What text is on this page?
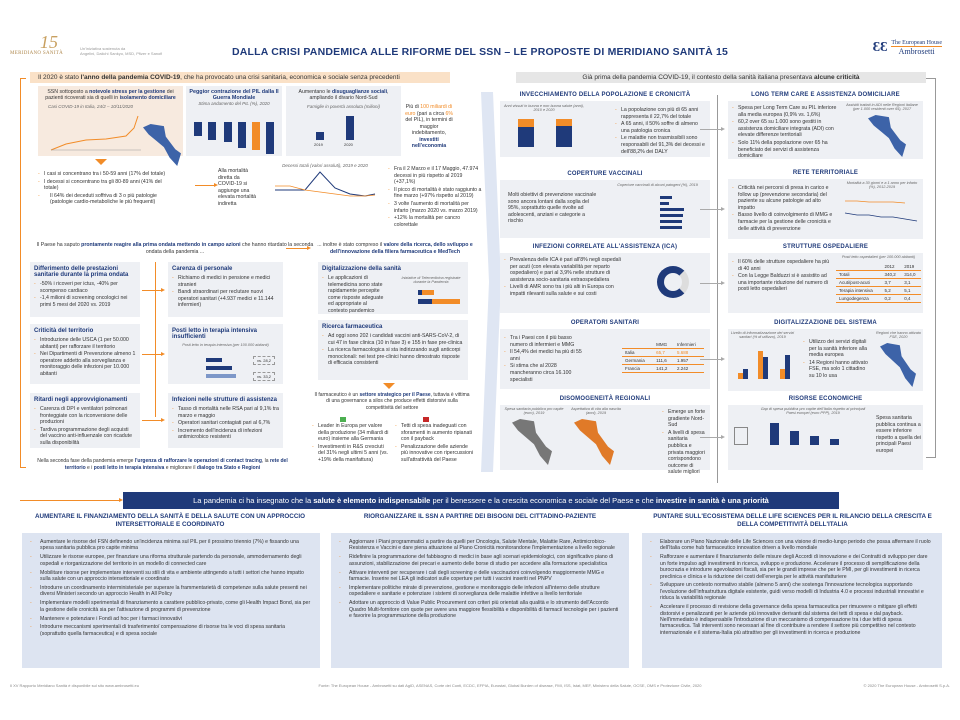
15
MERIDIANO SANITÀ
Un'iniziativa sostenuta da
Angelini, Daiichi Sankyo, MSD, Pfizer e Sanofi	DALLA CRISI PANDEMICA ALLE RIFORME DEL SSN – LE PROPOSTE DI MERIDIANO SANITÀ 15	ƐƐ The European House
Ambrosetti
Il 2020 è stato l'anno della pandemia COVID-19, che ha provocato una crisi sanitaria, economica e sociale senza precedenti	Già prima della pandemia COVID-19, il contesto della sanità italiana presentava alcune criticità
SSN sottoposto a notevole stress per la gestione dei pazienti ricoverati sia di quelli in isolamento domiciliare
Casi COVID-19 in Italia, 24/2 – 10/11/2020
Peggior contrazione del PIL dalla II Guerra Mondiale
Stima andamento del PIL (%), 2020
Aumentano le disuguaglianze sociali, ampliando il divario Nord-Sud
Famiglie in povertà assoluta (milioni)
2019	2020
Più di 100 miliardi di euro (pari a circa 6% del PIL), in termini di maggior indebitamento, investiti nell'economia
- I casi si concentrano tra i 50-59 anni (17% del totale)
- I decessi si concentrano tra gli 80-89 anni (41% del totale)
- Il 64% dei deceduti soffriva di 3 o più patologie (patologie cardio-metaboliche le più frequenti)
Alla mortalità diretta da COVID-19 si aggiunge una elevata mortalità indiretta
Decessi totali (valori assoluti), 2019 e 2020
- Fra il 2 Marzo e il 17 Maggio, 47.974 decessi in più rispetto al 2019 (+37,1%)
- Il picco di mortalità è stato raggiunto a fine marzo (+97% rispetto al 2019)
- 3 volte l'aumento di mortalità per infarto (marzo 2020 vs. marzo 2019)
- +12% la mortalità per cancro colorettale
Il Paese ha saputo prontamente reagire alla prima ondata mettendo in campo azioni che hanno ritardato la seconda ondata della pandemia ...
... inoltre è stato compreso il valore della ricerca, dello sviluppo e dell'innovazione della filiera farmaceutica e MedTech
Differimento delle prestazioni sanitarie durante la prima ondata
- -50% i ricoveri per ictus, -40% per scompenso cardiaco
- -1,4 milioni di screening oncologici nei primi 5 mesi del 2020 vs. 2019
Criticità del territorio
- Introduzione delle USCA (1 per 50.000 abitanti) per rafforzare il territorio
- Nei Dipartimenti di Prevenzione almeno 1 operatore addetto alla sorveglianza e monitoraggio delle infezioni per 10.000 abitanti
Ritardi negli approvvigionamenti
- Carenza di DPI e ventilatori polmonari fronteggiate con la riconversione delle produzioni
- Tardiva programmazione degli acquisti del vaccino anti-influenzale con ricadute sulla disponibilità
Carenza di personale
- Richiamo di medici in pensione e medici stranieri
- Bandi straordinari per reclutare nuovi operatori sanitari (+4.937 medici e 11.144 infermieri)
Posti letto in terapia intensiva insufficienti
Posti letto in terapia intensiva (per 100.000 abitanti)
vs. 28,2
vs. 33,2
Infezioni nelle strutture di assistenza
- Tasso di mortalità nelle RSA pari al 9,1% tra marzo e maggio
- Operatori sanitari contagiati pari al 6,7%
- Incremento dell'incidenza di infezioni antimicrobico resistenti
Digitalizzazione della sanità
- Le applicazioni di telemedicina sono state rapidamente percepite come risposte adeguate ed appropriate al contesto pandemico
Iniziative di Telemedicina registrate durante la Pandemia
Ricerca farmaceutica
- Ad oggi sono 202 i candidati vaccini anti-SARS-CoV-2, di cui 47 in fase clinica (10 in fase 3) e 155 in fase pre-clinica
- La ricerca farmacologica si sta indirizzando sugli anticorpi monoclonali: nei test pre-clinici hanno dimostrato risposte di efficacia consistenti
Il farmaceutico è un settore strategico per il Paese, tuttavia è vittima di una governance a silos che produce effetti distorsivi sulla competitività del settore
- Leader in Europa per valore della produzione (34 miliardi di euro) insieme alla Germania
- Investimenti in R&S cresciuti del 31% negli ultimi 5 anni (vs. +19% della manifattura)
- Tetti di spesa inadeguati con sforamenti in aumento ripianati con il payback
- Penalizzazione delle aziende più innovative con ripercussioni sull'attrattività del Paese
Nella seconda fase della pandemia emerge l'urgenza di rafforzare le operazioni di contact tracing, la rete del territorio e i posti letto in terapia intensiva e migliorare il dialogo tra Stato e Regioni
INVECCHIAMENTO DELLA POPOLAZIONE E CRONICITÀ
Anni vissuti in buona e non buona salute (anni), 2010 e 2020	- La popolazione con più di 65 anni rappresenta il 22,7% del totale
- A 65 anni, il 50% soffre di almeno una patologia cronica
- Le malattie non trasmissibili sono responsabili del 91,3% dei decessi e dell'88,2% dei DALY
COPERTURE VACCINALI
Molti obiettivi di prevenzione vaccinale sono ancora lontani dalla soglia del 95%, soprattutto quelle rivolte ad adolescenti, anziani e categorie a rischio
Coperture vaccinali di alcuni patogeni (%), 2019
INFEZIONI CORRELATE ALL'ASSISTENZA (ICA)
- Prevalenza delle ICA è pari all'8% negli ospedali per acuti (con elevata variabilità per reparto ospedaliero) e pari al 3,9% nelle strutture di assistenza socio-sanitaria extraospedaliera
- Livelli di AMR sono tra i più alti in Europa con impatti rilevanti sulla salute e sui costi
OPERATORI SANITARI
- Tra i Paesi con il più basso numero di infermieri e MMG
- Il 54,4% dei medici ha più di 55 anni
- Si stima che al 2028 mancheranno circa 16.100 specialisti
	MMG	Infermieri
Italia	65,7	5.688
Germania	111,6	1.957
Francia	141,2	2.242
DISOMOGENEITÀ REGIONALI
Spesa sanitaria pubblica pro capite (euro), 2019
Aspettativa di vita alla nascita (anni), 2019	- Emerge un forte gradiente Nord-Sud
- A livelli di spesa sanitaria pubblica e privata maggiori corrispondono outcome di salute migliori
LONG TERM CARE E ASSISTENZA DOMICILIARE
- Spesa per Long Term Care su PIL inferiore alla media europea (0,9% vs. 1,6%)
- 60,2 over 65 su 1.000 sono gestiti in assistenza domiciliare integrata (ADI) con elevate differenze territoriali
- Solo 11% della popolazione over 65 ha beneficiato dei servizi di assistenza domiciliare
Assistiti trattati in ADI nelle Regioni italiane (per 1.000 residenti over 65), 2017
RETE TERRITORIALE
- Criticità nei percorsi di presa in carico e follow up (prevenzione secondaria) del paziente su alcune patologie ad alto impatto
- Basso livello di coinvolgimento di MMG e farmacie per la gestione delle cronicità e delle attività di prevenzione
Mortalità a 30 giorni e a 1 anno per infarto (%), 2012-2019
STRUTTURE OSPEDALIERE
- Il 60% delle strutture ospedaliere ha più di 40 anni
- Con la Legge Balduzzi si è assistito ad una importante riduzione del numero di posti letto ospedalieri
Posti letto ospedalieri (per 100.000 abitanti)
	2012	2019
Totali	340,2	314,0
Acuti/post-acuti	3,7	3,1
Terapia intensiva	5,2	5,1
Lungodegenza	0,2	0,4
DIGITALIZZAZIONE DEL SISTEMA
Livello di informatizzazione dei servizi sanitari (% di utilizzo), 2019
- Utilizzo dei servizi digitali per la sanità inferiore alla media europea
- 14 Regioni hanno attivato FSE, ma solo 1 cittadino su 10 lo usa
Regioni che hanno attivato FSE, 2020
RISORSE ECONOMICHE
Gap di spesa pubblica pro capite dell'Italia rispetto ai principali Paesi europei (euro PPP), 2019
Spesa sanitaria pubblica continua a essere inferiore rispetto a quella dei principali Paesi europei
La pandemia ci ha insegnato che la salute è elemento indispensabile per il benessere e la crescita economica e sociale del Paese e che investire in sanità è una priorità
AUMENTARE IL FINANZIAMENTO DELLA SANITÀ E DELLA SALUTE CON UN APPROCCIO INTERSETTORIALE E COORDINATO
- Aumentare le risorse del FSN definendo un'incidenza minima sul PIL per il prossimo triennio (7%) e fissando una spesa sanitaria pubblica pro capite minima
- Utilizzare le risorse europee, per finanziare una riforma strutturale partendo da personale, ammodernamento degli ospedali e riorganizzazione del territorio in un modello di connected care
- Mobilitare risorse per implementare interventi su stili di vita e ambiente attingendo a tutti i settori che hanno impatto sulla salute con un approccio intersettoriale e coordinato
- Introdurre un coordinamento interministeriale per superare la frammentarietà di competenze sulla salute presenti nei diversi Ministeri secondo un approccio Health in All Policy
- Implementare modelli sperimentali di finanziamento a carattere pubblico-privato, come gli Health Impact Bond, sia per la gestione delle cronicità sia per l'attivazione di programmi di prevenzione
- Mantenere e potenziare i Fondi ad hoc per i farmaci innovativi
- Introdurre meccanismi sperimentali di trasferimento/ compensazione di risorse tra le voci di spesa sanitaria (soprattutto quella farmaceutica) e di spesa sociale
RIORGANIZZARE IL SSN A PARTIRE DEI BISOGNI DEL CITTADINO-PAZIENTE
- Aggiornare i Piani programmatici a partire da quelli per Oncologia, Salute Mentale, Malattie Rare, Antimicrobico-Resistenza e Vaccini e dare piena attuazione al Piano Cronicità monitorandone l'implementazione a livello regionale
- Ridefinire la programmazione del fabbisogno di medici in base agli scenari epidemiologici, con significativo piano di assunzioni, stabilizzazione dei precari e aumento delle borse di studio per accedere alla formazione specialistica
- Attivare interventi per recuperare i cali degli screening e delle vaccinazioni coinvolgendo maggiormente MMG e farmacie. Inserire nei LEA gli indicatori sulle coperture per tutti i vaccini inseriti nel PNPV
- Implementare politiche mirate di prevenzione, gestione e monitoraggio delle infezioni all'interno delle strutture ospedaliere e sanitarie e potenziare i sistemi di sorveglianza delle malattie infettive a livello territoriale
- Adottare un approccio di Value Public Procurement con criteri più orientati alla qualità e lo strumento dell'Accordo Quadro Multi-fornitore con quote per avere una maggiore flessibilità e disponibilità di farmaci/ tecnologie per i pazienti e favorire la programmazione della produzione
PUNTARE SULL'ECOSISTEMA DELLE LIFE SCIENCES PER IL RILANCIO DELLA CRESCITA E DELLA COMPETITIVITÀ DELL'ITALIA
- Elaborare un Piano Nazionale delle Life Sciences con una visione di medio-lungo periodo che possa affermare il ruolo dell'Italia come hub farmaceutico innovation driven a livello mondiale
- Rafforzare e aumentare il finanziamento delle misure degli Accordi di innovazione e dei Contratti di sviluppo per dare un forte impulso agli investimenti in ricerca, sviluppo e produzione. Accelerare il processo di semplificazione della burocrazia e introdurre agevolazioni fiscali, sia per le grandi imprese che per le PMI, per gli investimenti in ricerca preclinica e clinica e la riduzione dei costi dell'energia per le attività manifatturiere
- Sviluppare un contesto normativo stabile (almeno 5 anni) che sostenga l'innovazione tecnologica supportando l'evoluzione dell'infrastruttura digitale esistente, guidi verso modelli di Industria 4.0 e processi industriali innovativi e riduca la variabilità regionale
- Accelerare il processo di revisione della governance della spesa farmaceutica per rimuovere o mitigare gli effetti distorsivi e penalizzanti per le aziende più innovative derivanti dal sistema dei tetti di spesa e dal payback. Nell'immediato è indispensabile l'introduzione di un meccanismo di compensazione tra i due tetti di spesa farmaceutica. Tali interventi sono necessari al fine di contribuire a rendere il settore più competitivo nel contesto internazionale e il sistema-Italia più attrattivo per gli investimenti in ricerca e produzione
Il XV Rapporto Meridiano Sanità è disponibile sul sito www.ambrosetti.eu	Fonte: The European House - Ambrosetti su dati AgID, ASENAS, Corte dei Conti, ECDC, EFPIA, Eurostat, Global Burden of disease, FMI, ISS, Istat, MEF, Ministero della Salute, OCSE, OMS e Protezione Civile, 2020	© 2020 The European House - Ambrosetti S.p.A.
